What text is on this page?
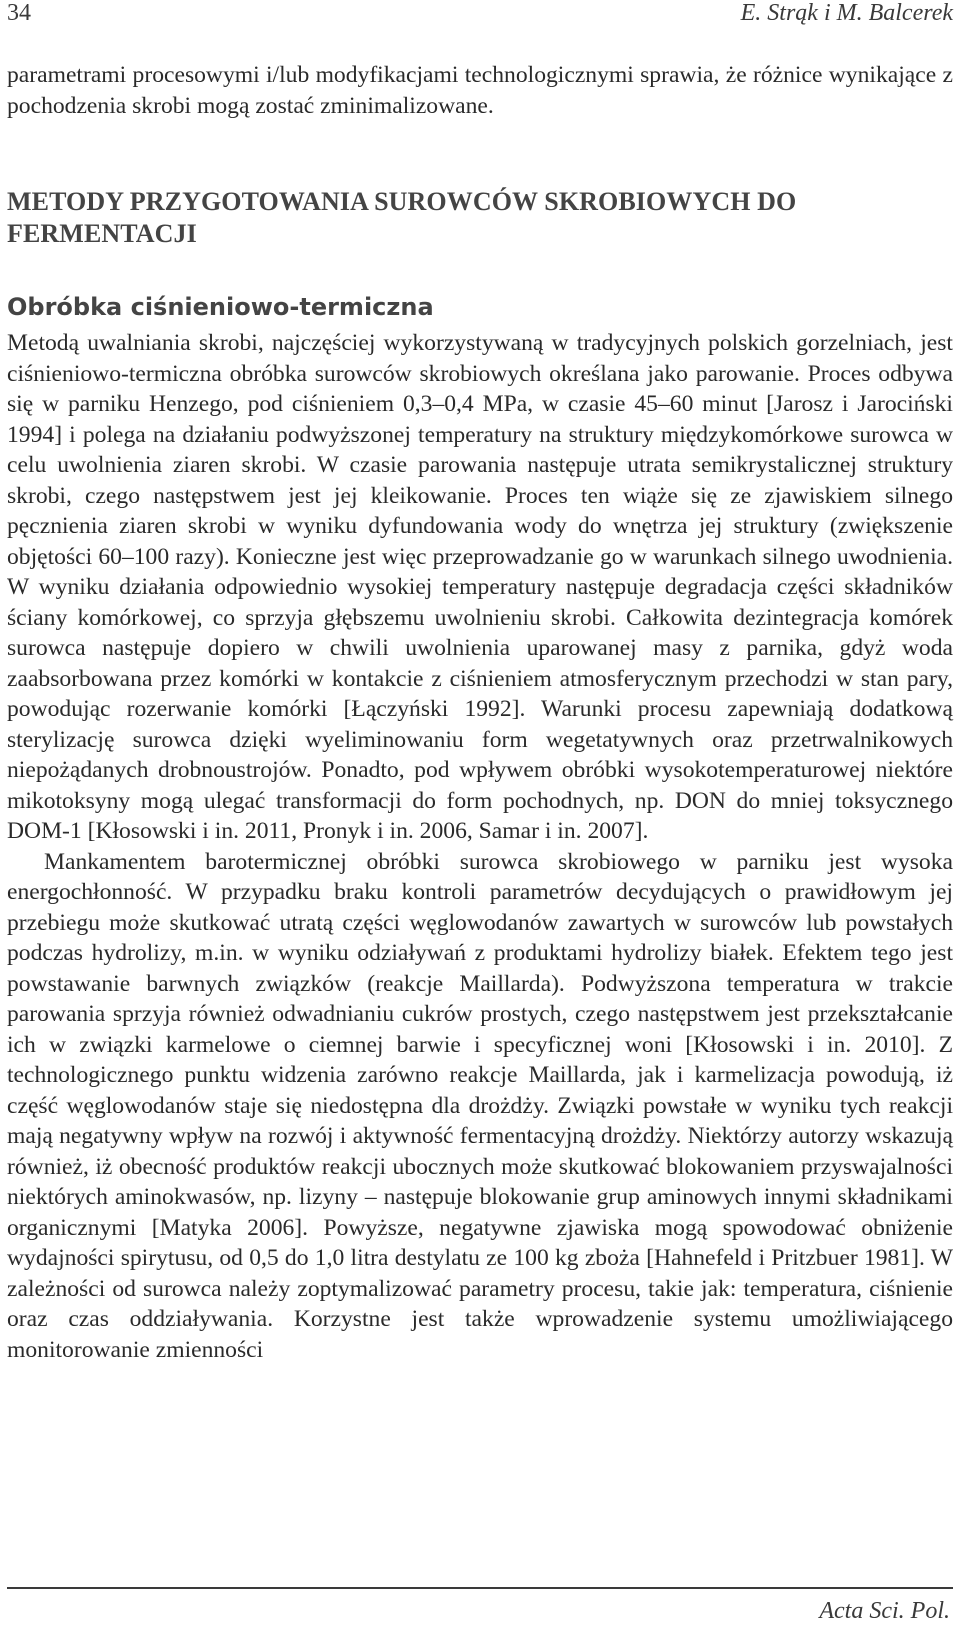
34	E. Strąk i M. Balcerek
parametrami procesowymi i/lub modyfikacjami technologicznymi sprawia, że różnice wynikające z pochodzenia skrobi mogą zostać zminimalizowane.
METODY PRZYGOTOWANIA SUROWCÓW SKROBIOWYCH DO FERMENTACJI
Obróbka ciśnieniowo-termiczna

Metodą uwalniania skrobi, najczęściej wykorzystywaną w tradycyjnych polskich gorzelniach, jest ciśnieniowo-termiczna obróbka surowców skrobiowych określana jako parowanie. Proces odbywa się w parniku Henzego, pod ciśnieniem 0,3–0,4 MPa, w czasie 45–60 minut [Jarosz i Jarociński 1994] i polega na działaniu podwyższonej temperatury na struktury międzykomórkowe surowca w celu uwolnienia ziaren skrobi. W czasie parowania następuje utrata semikrystalicznej struktury skrobi, czego następstwem jest jej kleikowanie. Proces ten wiąże się ze zjawiskiem silnego pęcznienia ziaren skrobi w wyniku dyfundowania wody do wnętrza jej struktury (zwiększenie objętości 60–100 razy). Konieczne jest więc przeprowadzanie go w warunkach silnego uwodnienia. W wyniku działania odpowiednio wysokiej temperatury następuje degradacja części składników ściany komórkowej, co sprzyja głębszemu uwolnieniu skrobi. Całkowita dezintegracja komórek surowca następuje dopiero w chwili uwolnienia uparowanej masy z parnika, gdyż woda zaabsorbowana przez komórki w kontakcie z ciśnieniem atmosferycznym przechodzi w stan pary, powodując rozerwanie komórki [Łączyński 1992]. Warunki procesu zapewniają dodatkową sterylizację surowca dzięki wyeliminowaniu form wegetatywnych oraz przetrwalnikowych niepożądanych drobnoustrojów. Ponadto, pod wpływem obróbki wysokotemperaturowej niektóre mikotoksyny mogą ulegać transformacji do form pochodnych, np. DON do mniej toksycznego DOM-1 [Kłosowski i in. 2011, Pronyk i in. 2006, Samar i in. 2007].

Mankamentem barotermicznej obróbki surowca skrobiowego w parniku jest wysoka energochłonność. W przypadku braku kontroli parametrów decydujących o prawidłowym jej przebiegu może skutkować utratą części węglowodanów zawartych w surowców lub powstałych podczas hydrolizy, m.in. w wyniku odziaływań z produktami hydrolizy białek. Efektem tego jest powstawanie barwnych związków (reakcje Maillarda). Podwyższona temperatura w trakcie parowania sprzyja również odwadnianiu cukrów prostych, czego następstwem jest przekształcanie ich w związki karmelowe o ciemnej barwie i specyficznej woni [Kłosowski i in. 2010]. Z technologicznego punktu widzenia zarówno reakcje Maillarda, jak i karmelizacja powodują, iż część węglowodanów staje się niedostępna dla drożdży. Związki powstałe w wyniku tych reakcji mają negatywny wpływ na rozwój i aktywność fermentacyjną drożdży. Niektórzy autorzy wskazują również, iż obecność produktów reakcji ubocznych może skutkować blokowaniem przyswajalności niektórych aminokwasów, np. lizyny – następuje blokowanie grup aminowych innymi składnikami organicznymi [Matyka 2006]. Powyższe, negatywne zjawiska mogą spowodować obniżenie wydajności spirytusu, od 0,5 do 1,0 litra destylatu ze 100 kg zboża [Hahnefeld i Pritzbuer 1981]. W zależności od surowca należy zoptymalizować parametry procesu, takie jak: temperatura, ciśnienie oraz czas oddziaływania. Korzystne jest także wprowadzenie systemu umożliwiającego monitorowanie zmienności

Acta Sci. Pol.
